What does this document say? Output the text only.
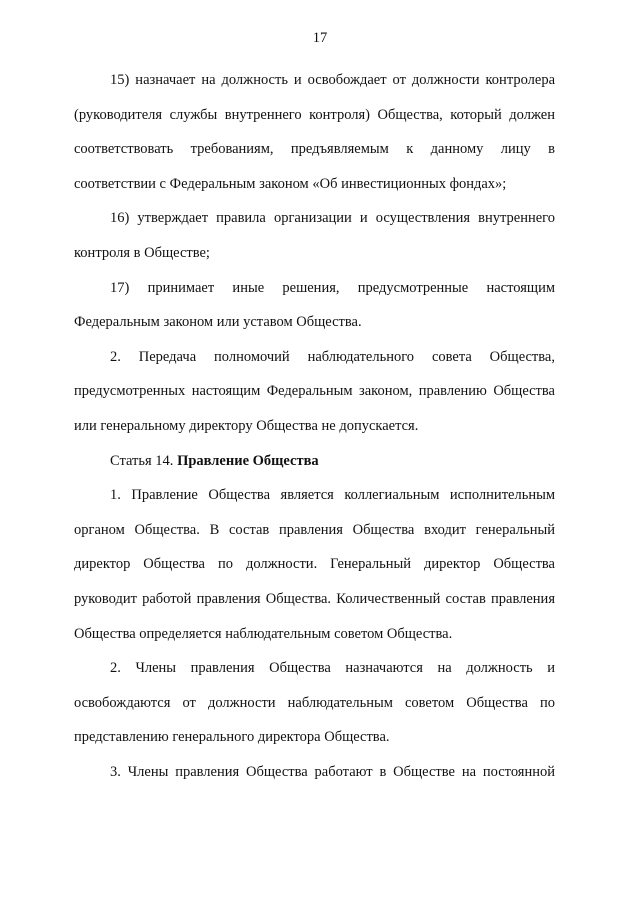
17

15) назначает на должность и освобождает от должности контролера (руководителя службы внутреннего контроля) Общества, который должен соответствовать требованиям, предъявляемым к данному лицу в соответствии с Федеральным законом «Об инвестиционных фондах»;

16) утверждает правила организации и осуществления внутреннего контроля в Обществе;

17) принимает иные решения, предусмотренные настоящим Федеральным законом или уставом Общества.

2. Передача полномочий наблюдательного совета Общества, предусмотренных настоящим Федеральным законом, правлению Общества или генеральному директору Общества не допускается.

Статья 14. Правление Общества

1. Правление Общества является коллегиальным исполнительным органом Общества. В состав правления Общества входит генеральный директор Общества по должности. Генеральный директор Общества руководит работой правления Общества. Количественный состав правления Общества определяется наблюдательным советом Общества.

2. Члены правления Общества назначаются на должность и освобождаются от должности наблюдательным советом Общества по представлению генерального директора Общества.

3. Члены правления Общества работают в Обществе на постоянной
